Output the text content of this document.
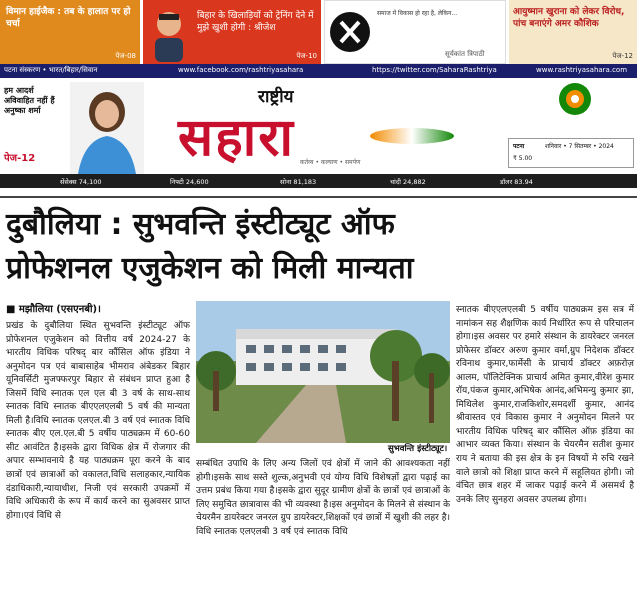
विमान हाईजैक : तब के हालात पर हो चर्चा
पेज-08
बिहार के खिलाड़ियों को ट्रेनिंग देने में मुझे खुशी होगी : श्रीजेश
पेज-10
समाज में विकास हो रहा है, लेकिन...
सूर्यकांत त्रिपाठी
आयुष्मान खुराना को लेकर विरोध, पांच बनाएंगे अमर कौशिक
पेज-12
पटना संस्करण • भारत/बिहार/सिवान	www.facebook.com/rashtriyasahara	https://twitter.com/SaharaRashtriya	www.rashtriyasahara.com
हम आदर्श अविवाहित नहीं हैं अनुष्का शर्मा
पेज-12
राष्ट्रीय
सहारा कर्तव्य • कल्याण • समर्पण
पटना	शनिवार • 7 सितम्बर • 2024
₹ 5.00
सेंसेक्स 74,100	निफ्टी 24,600	सोना 81,183	चांदी 24,882	डॉलर 83.94
दुबौलिया : सुभवन्ति इंस्टीट्यूट ऑफ
प्रोफेशनल एजुकेशन को मिली मान्यता
■ मझौलिया (एसएनबी)।
प्रखंड के दुबौलिया स्थित सुभवन्ति इंस्टीट्यूट ऑफ प्रोफेशनल एजुकेशन को वित्तीय वर्ष 2024-27 के भारतीय विधिक परिषद् बार कौंसिल ऑफ इंडिया ने अनुमोदन पत्र एवं बाबासाहेब भीमराव अंबेडकर बिहार यूनिवर्सिटी मुजफ्फरपुर बिहार से संबंधन प्राप्त हुआ है जिसमें विधि स्नातक एल एल बी 3 वर्ष के साथ-साथ स्नातक विधि स्नातक बीएएलएलबी 5 वर्ष की मान्यता मिली है।विधि स्नातक एलएल.बी 3 वर्ष एवं स्नातक विधि स्नातक बीए एल.एल.बी 5 वर्षीय पाठ्यक्रम में 60-60 सीट आवंटित है।इसके द्वारा विधिक क्षेत्र में रोजगार की अपार सम्भावनाये है यह पाठ्यक्रम पूरा करने के बाद छात्रों एवं छात्राओं को वकालत,विधि सलाहकार,न्यायिक दंडाधिकारी,न्यायाधीश, निजी एवं सरकारी उपक्रमों में विधि अधिकारी के रूप में कार्य करने का सुअवसर प्राप्त होगा।एवं विधि से
सुभवन्ति इंस्टीट्यूट।
सम्बंधित उपाधि के लिए अन्य जिलों एवं क्षेत्रों में जाने की आवश्यकता नहीं होगी।इसके साथ सस्ते शुल्क,अनुभवी एवं योग्य विधि विशेषज्ञों द्वारा पढ़ाई का उत्तम प्रबंध किया गया है।इसके द्वारा सुदूर ग्रामीण क्षेत्रों के छात्रों एवं छात्राओं के लिए समुचित छात्रावास की भी व्यवस्था है।इस अनुमोदन के मिलने से संस्थान के चेयरमैन डायरेक्टर जनरल ग्रुप डायरेक्टर,शिक्षकों एवं छात्रों में खुशी की लहर है।विधि स्नातक एलएलबी 3 वर्ष एवं स्नातक विधि
स्नातक बीएएलएलबी 5 वर्षीय पाठ्यक्रम इस सत्र में नामांकन सह शैक्षणिक कार्य निर्धारित रूप से परिचालन होगा।इस अवसर पर हमारे संस्थान के डायरेक्टर जनरल प्रोफेसर डॉक्टर अरुण कुमार वर्मा,ग्रुप निदेशक डॉक्टर रविनाथ कुमार,फार्मेसी के प्राचार्य डॉक्टर अफ़रोज़ आलम, पॉलिटेक्निक प्राचार्य अमित कुमार,वीरेश कुमार रॉय,पंकज कुमार,अभिषेक आनंद,अभिमन्यु कुमार झा, मिथिलेश कुमार,राजकिशोर,समदर्शी कुमार, आनंद श्रीवास्तव एवं विकास कुमार ने अनुमोदन मिलने पर भारतीय विधिक परिषद् बार कौंसिल ऑफ़ इंडिया का आभार व्यक्त किया। संस्थान के चेयरमैन सतीश कुमार राय ने बताया की इस क्षेत्र के इन विषयों मे रुचि रखने वाले छात्रो को शिक्षा प्राप्त करने में सहूलियत होगी। जो वंचित छात्र शहर में जाकर पढ़ाई करने में असमर्थ है उनके लिए सुनहरा अवसर उपलब्ध होगा।
